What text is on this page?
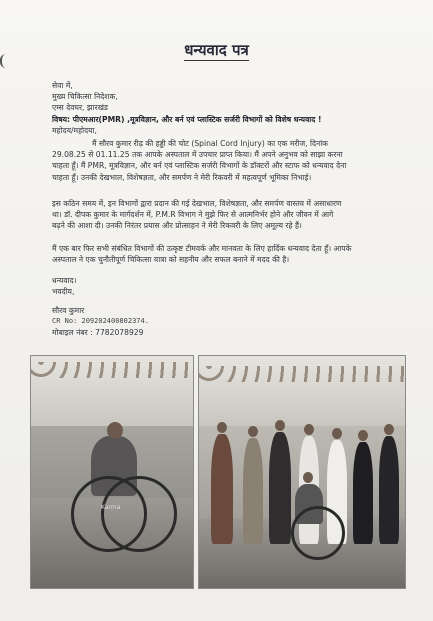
धन्यवाद पत्र
सेवा में,
मुख्य चिकित्सा निदेशक,
एम्स देवघर, झारखंड
विषय: पीएमआर(PMR) ,मूत्रविज्ञान, और बर्न एवं प्लास्टिक सर्जरी विभागों को विशेष धन्यवाद !
महोदय/महोदया,
मैं सौरव कुमार रीढ़ की हड्डी की चोट (Spinal Cord Injury) का एक मरीज, दिनांक
29.08.25 से 01.11.25 तक आपके अस्पताल में उपचार प्राप्त किया। मैं अपने अनुभव को साझा करना
चाहता हूँ। मैं PMR, मूत्रविज्ञान, और बर्न एवं प्लास्टिक सर्जरी विभागों के डॉक्टरों और स्टाफ को धन्यवाद देना
चाहता हूँ। उनकी देखभाल, विशेषज्ञता, और समर्पण ने मेरी रिकवरी में महत्वपूर्ण भूमिका निभाई।
इस कठिन समय में, इन विभागों द्वारा प्रदान की गई देखभाल, विशेषज्ञता, और समर्पण वास्तव में असाधारण
था। डॉ. दीपक कुमार के मार्गदर्शन में, P.M.R विभाग ने मुझे फिर से आत्मनिर्भर होने और जीवन में आगे
बढ़ने की आशा दी। उनकी निरंतर प्रयास और प्रोत्साहन ने मेरी रिकवरी के लिए अमूल्य रहे हैं।
मैं एक बार फिर सभी संबंधित विभागों की उत्कृष्ट टीमवर्क और मानवता के लिए हार्दिक धन्यवाद देता हूँ। आपके
अस्पताल ने एक चुनौतीपूर्ण चिकित्सा यात्रा को सहनीय और सफल बनाने में मदद की है।
धन्यवाद।
भवदीय,
सौरव कुमार
CR No: 209202400802374.
मोबाइल नंबर : 7782078929
Karma
